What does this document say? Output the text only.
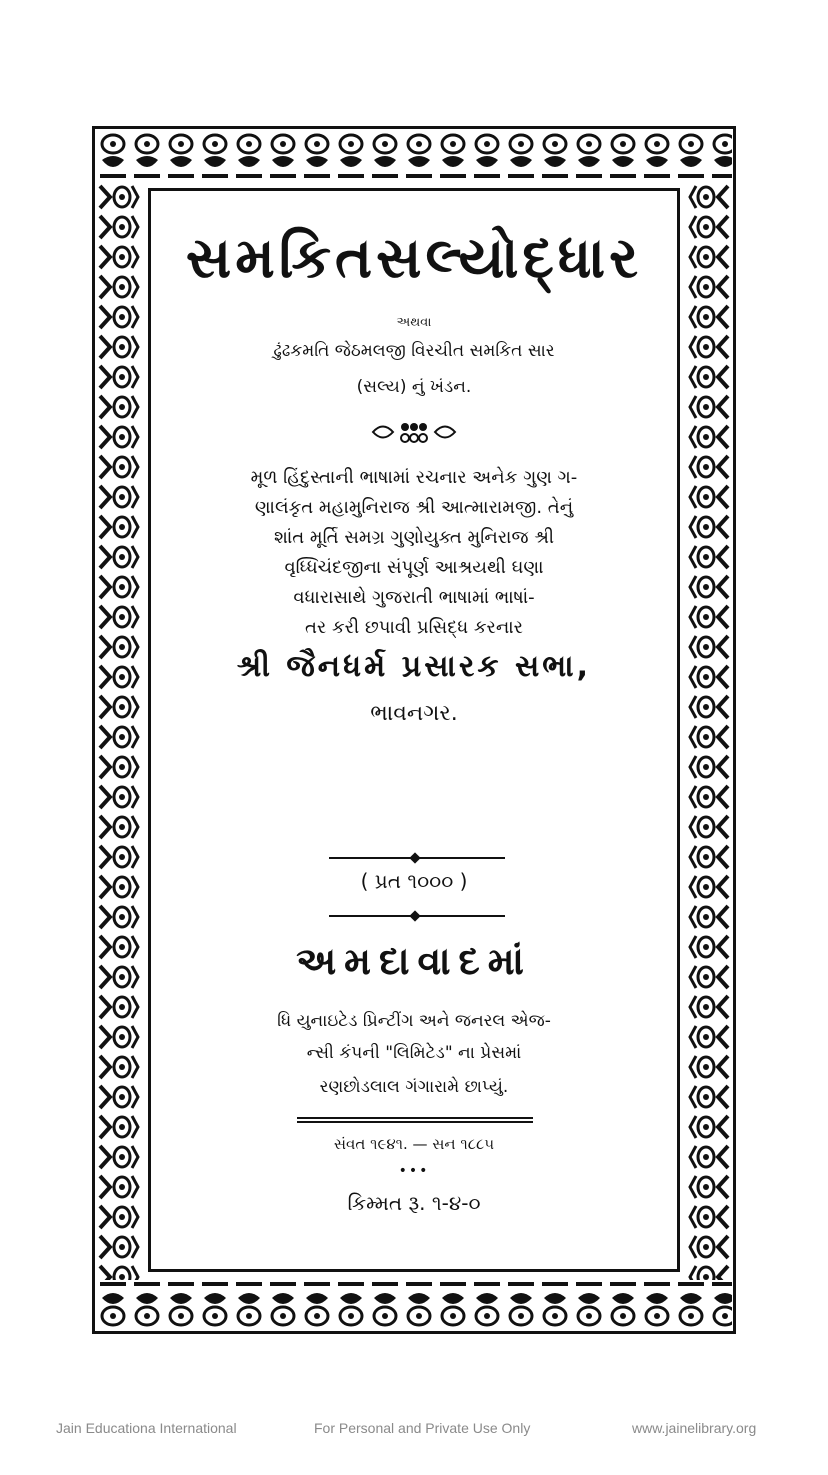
સમકિતસલ્યોદ્ધાર
અથવા
ઢુંઢકમતિ જેઠમલજી વિરચીત સમકિત સાર
(સલ્ય) નું ખંડન.
મૂળ હિંદુસ્તાની ભાષામાં રચનાર અનેક ગુણ ગ-
ણાલંકૃત મહામુનિરાજ શ્રી આત્મારામજી. તેનું
શાંત મૂર્તિ સમગ્ર ગુણોયુક્ત મુનિરાજ શ્રી
વૃધ્ધિચંદજીના સંપૂર્ણ આશ્રયથી ઘણા
વધારાસાથે ગુજરાતી ભાષામાં ભાષાં-
તર કરી છપાવી પ્રસિદ્ધ કરનાર
શ્રી જૈનધર્મ પ્રસારક સભા,
ભાવનગર.
( પ્રત ૧૦૦૦ )
અમદાવાદમાં
ધિ યુનાઇટેડ પ્રિન્ટીંગ અને જનરલ એજ-
ન્સી કંપની "લિમિટેડ" ના પ્રેસમાં
રણછોડલાલ ગંગારામે છાપ્યું.
સંવત ૧૯૪૧. — સન ૧૮૮૫
•••
કિમ્મત રૂ. ૧-૪-૦
Jain Educationa International	For Personal and Private Use Only	www.jainelibrary.org
